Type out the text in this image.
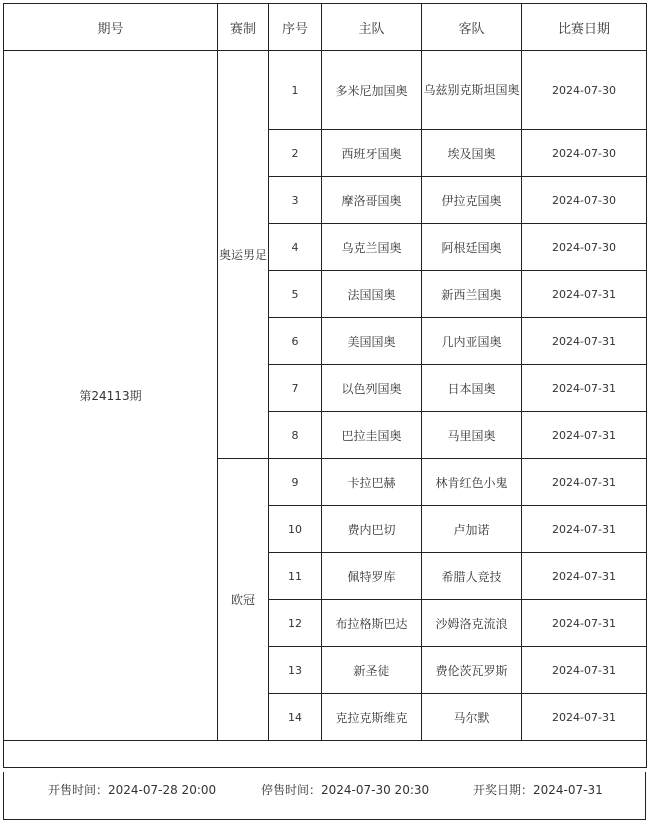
期号	赛制	序号	主队	客队	比赛日期
第24113期	奥运男足	1	多米尼加国奥	乌兹别克斯坦国奥	2024-07-30
		2	西班牙国奥	埃及国奥	2024-07-30
		3	摩洛哥国奥	伊拉克国奥	2024-07-30
		4	乌克兰国奥	阿根廷国奥	2024-07-30
		5	法国国奥	新西兰国奥	2024-07-31
		6	美国国奥	几内亚国奥	2024-07-31
		7	以色列国奥	日本国奥	2024-07-31
		8	巴拉圭国奥	马里国奥	2024-07-31
	欧冠	9	卡拉巴赫	林肯红色小鬼	2024-07-31
		10	费内巴切	卢加诺	2024-07-31
		11	佩特罗库	希腊人竞技	2024-07-31
		12	布拉格斯巴达	沙姆洛克流浪	2024-07-31
		13	新圣徒	费伦茨瓦罗斯	2024-07-31
		14	克拉克斯维克	马尔默	2024-07-31

开售时间：2024-07-28 20:00	停售时间：2024-07-30 20:30	开奖日期：2024-07-31
